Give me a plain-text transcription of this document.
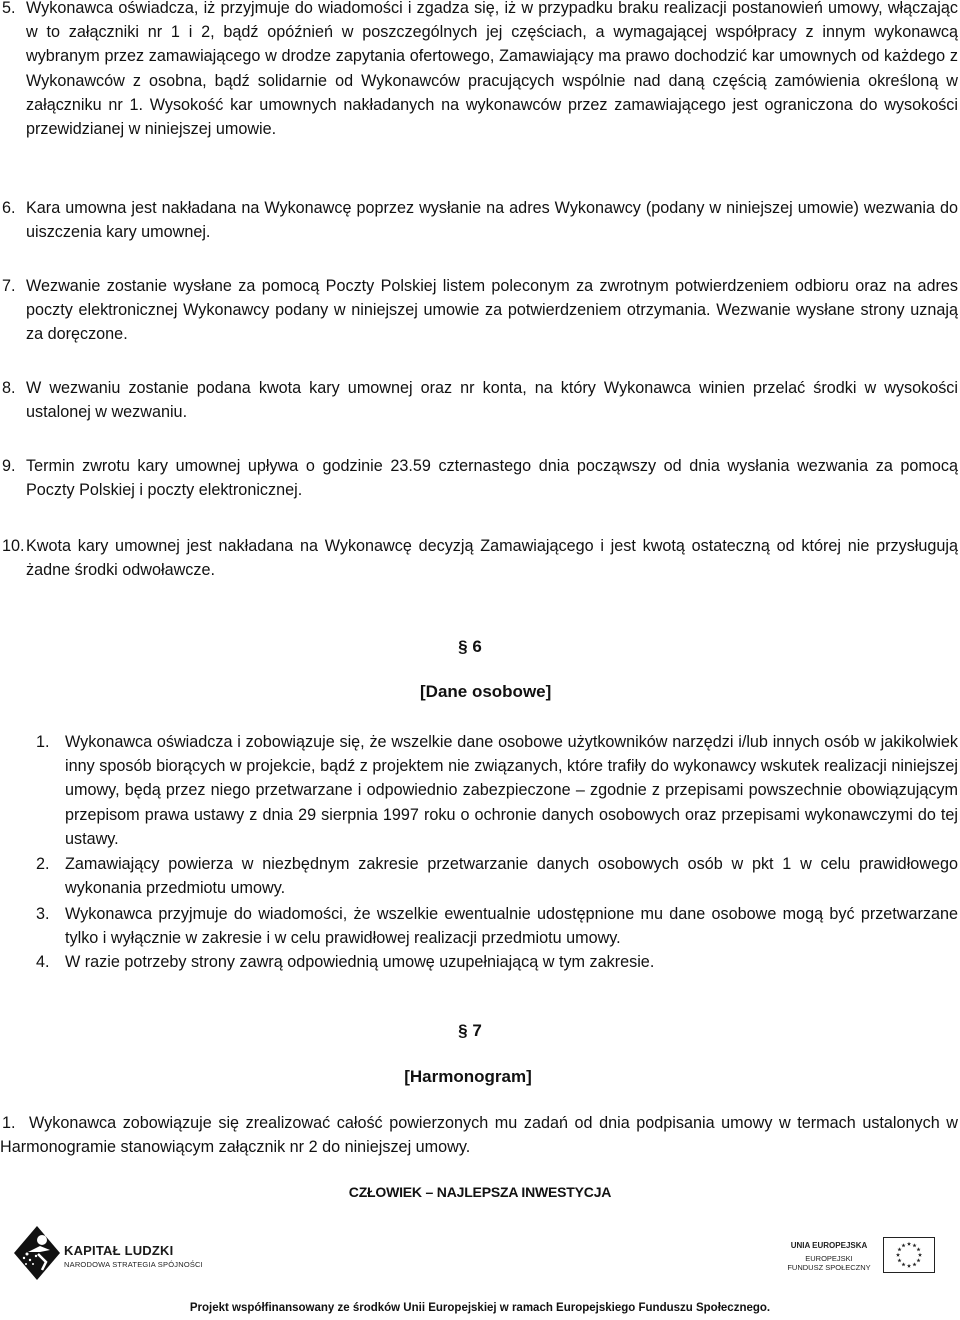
5. Wykonawca oświadcza, iż przyjmuje do wiadomości i zgadza się, iż w przypadku braku realizacji postanowień umowy, włączając w to załączniki nr 1 i 2, bądź opóźnień w poszczególnych jej częściach, a wymagającej współpracy z innym wykonawcą wybranym przez zamawiającego w drodze zapytania ofertowego, Zamawiający ma prawo dochodzić kar umownych od każdego z Wykonawców z osobna, bądź solidarnie od Wykonawców pracujących wspólnie nad daną częścią zamówienia określoną w załączniku nr 1. Wysokość kar umownych nakładanych na wykonawców przez zamawiającego jest ograniczona do wysokości przewidzianej w niniejszej umowie.
6. Kara umowna jest nakładana na Wykonawcę poprzez wysłanie na adres Wykonawcy (podany w niniejszej umowie) wezwania do uiszczenia kary umownej.
7. Wezwanie zostanie wysłane za pomocą Poczty Polskiej listem poleconym za zwrotnym potwierdzeniem odbioru oraz na adres poczty elektronicznej Wykonawcy podany w niniejszej umowie za potwierdzeniem otrzymania. Wezwanie wysłane strony uznają za doręczone.
8. W wezwaniu zostanie podana kwota kary umownej oraz nr konta, na który Wykonawca winien przelać środki w wysokości ustalonej w wezwaniu.
9. Termin zwrotu kary umownej upływa o godzinie 23.59 czternastego dnia począwszy od dnia wysłania wezwania za pomocą Poczty Polskiej i poczty elektronicznej.
10. Kwota kary umownej jest nakładana na Wykonawcę decyzją Zamawiającego i jest kwotą ostateczną od której nie przysługują żadne środki odwoławcze.
§ 6
[Dane osobowe]
1. Wykonawca oświadcza i zobowiązuje się, że wszelkie dane osobowe użytkowników narzędzi i/lub innych osób w jakikolwiek inny sposób biorących w projekcie, bądź z projektem nie związanych, które trafiły do wykonawcy wskutek realizacji niniejszej umowy, będą przez niego przetwarzane i odpowiednio zabezpieczone – zgodnie z przepisami powszechnie obowiązującym przepisom prawa ustawy z dnia 29 sierpnia 1997 roku o ochronie danych osobowych oraz przepisami wykonawczymi do tej ustawy.
2. Zamawiający powierza w niezbędnym zakresie przetwarzanie danych osobowych osób w pkt 1 w celu prawidłowego wykonania przedmiotu umowy.
3. Wykonawca przyjmuje do wiadomości, że wszelkie ewentualnie udostępnione mu dane osobowe mogą być przetwarzane tylko i wyłącznie w zakresie i w celu prawidłowej realizacji przedmiotu umowy.
4. W razie potrzeby strony zawrą odpowiednią umowę uzupełniającą w tym zakresie.
§ 7
[Harmonogram]
1. Wykonawca zobowiązuje się zrealizować całość powierzonych mu zadań od dnia podpisania umowy w termach ustalonych w Harmonogramie stanowiącym załącznik nr 2 do niniejszej umowy.
CZŁOWIEK – NAJLEPSZA INWESTYCJA
KAPITAŁ LUDZKI
NARODOWA STRATEGIA SPÓJNOŚCI
UNIA EUROPEJSKA
EUROPEJSKI
FUNDUSZ SPOŁECZNY
Projekt współfinansowany ze środków Unii Europejskiej w ramach Europejskiego Funduszu Społecznego.
